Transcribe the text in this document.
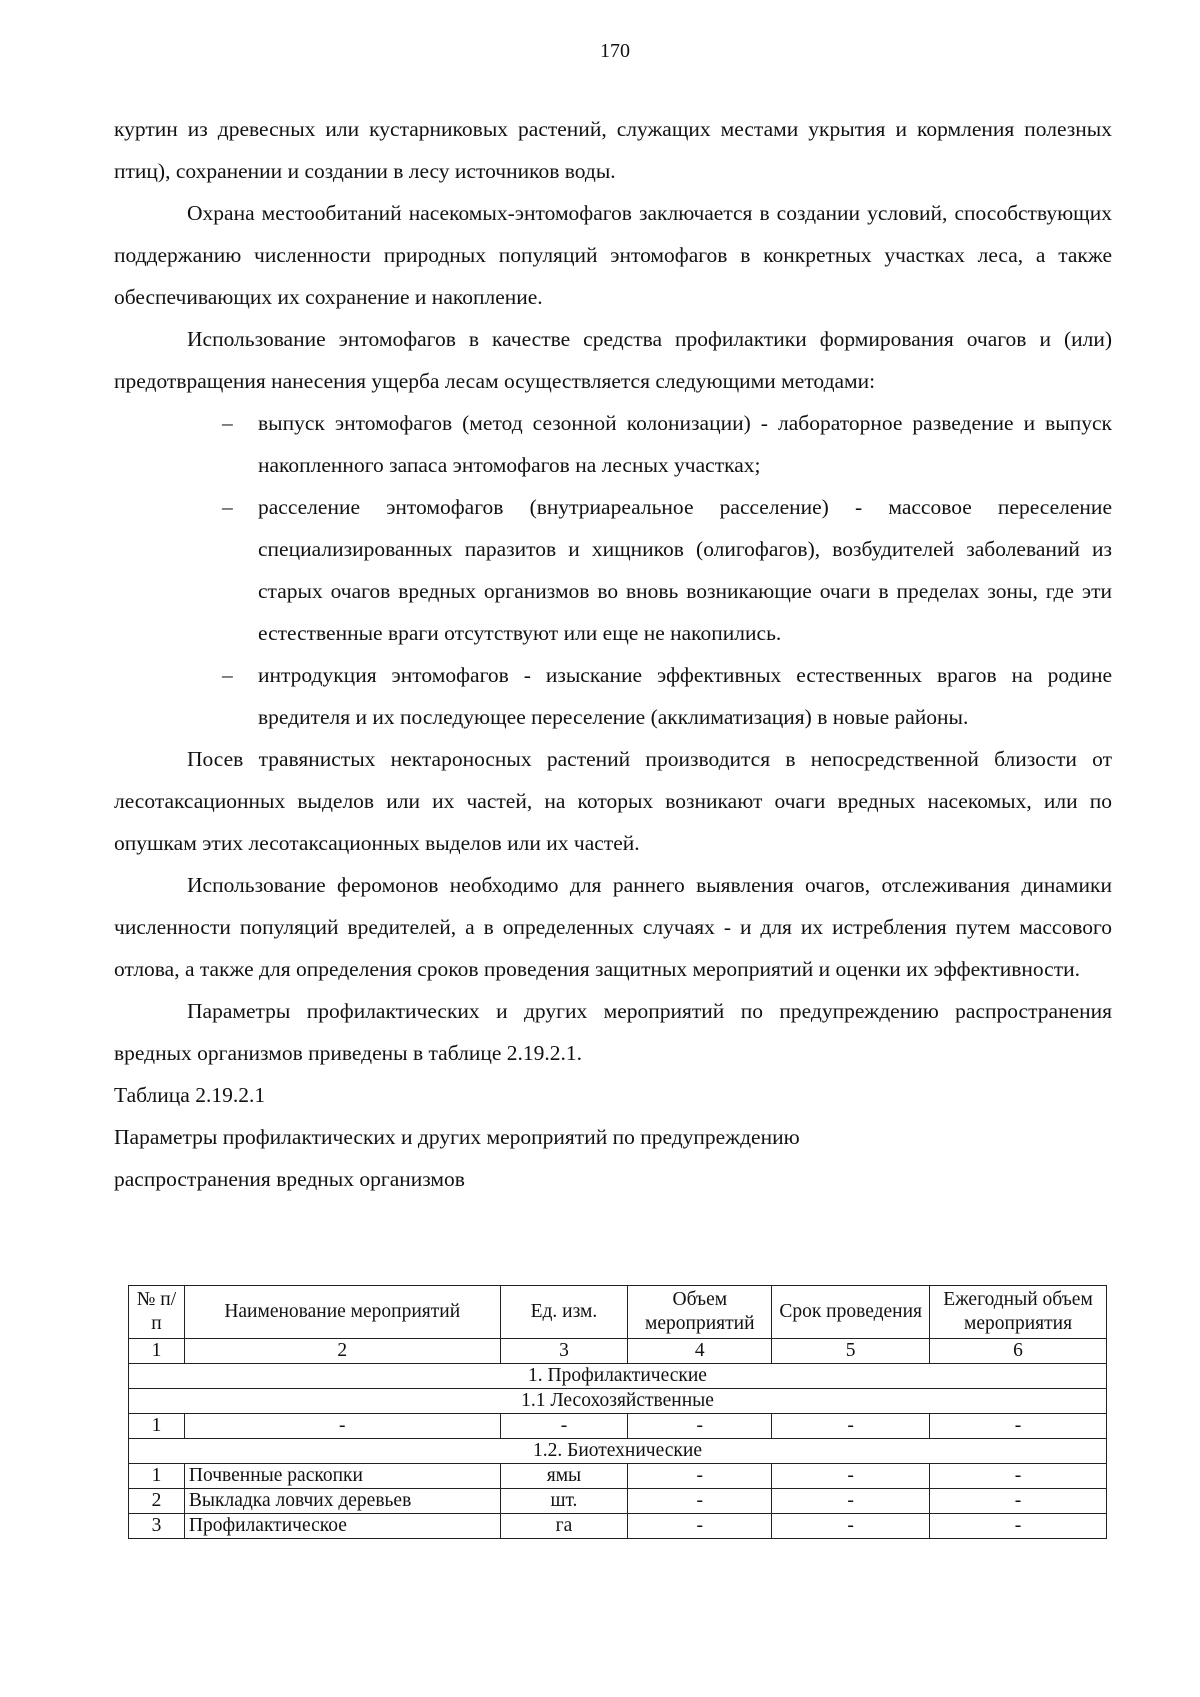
170

куртин из древесных или кустарниковых растений, служащих местами укрытия и кормления полезных птиц), сохранении и создании в лесу источников воды.

Охрана местообитаний насекомых-энтомофагов заключается в создании условий, способствующих поддержанию численности природных популяций энтомофагов в конкретных участках леса, а также обеспечивающих их сохранение и накопление.

Использование энтомофагов в качестве средства профилактики формирования очагов и (или) предотвращения нанесения ущерба лесам осуществляется следующими методами:

– выпуск энтомофагов (метод сезонной колонизации) - лабораторное разведение и выпуск накопленного запаса энтомофагов на лесных участках;
– расселение энтомофагов (внутриареальное расселение) - массовое переселение специализированных паразитов и хищников (олигофагов), возбудителей заболеваний из старых очагов вредных организмов во вновь возникающие очаги в пределах зоны, где эти естественные враги отсутствуют или еще не накопились.
– интродукция энтомофагов - изыскание эффективных естественных врагов на родине вредителя и их последующее переселение (акклиматизация) в новые районы.

Посев травянистых нектароносных растений производится в непосредственной близости от лесотаксационных выделов или их частей, на которых возникают очаги вредных насекомых, или по опушкам этих лесотаксационных выделов или их частей.

Использование феромонов необходимо для раннего выявления очагов, отслеживания динамики численности популяций вредителей, а в определенных случаях - и для их истребления путем массового отлова, а также для определения сроков проведения защитных мероприятий и оценки их эффективности.

Параметры профилактических и других мероприятий по предупреждению распространения вредных организмов приведены в таблице 2.19.2.1.

Таблица 2.19.2.1

Параметры профилактических и других мероприятий по предупреждению

распространения вредных организмов

№ п/п	Наименование мероприятий	Ед. изм.	Объем мероприятий	Срок проведения	Ежегодный объем мероприятия
1	2	3	4	5	6
1. Профилактические					
1.1 Лесохозяйственные					
1	-	-	-	-	-
1.2. Биотехнические					
1	Почвенные раскопки	ямы	-	-	-
2	Выкладка ловчих деревьев	шт.	-	-	-
3	Профилактическое	га	-	-	-
